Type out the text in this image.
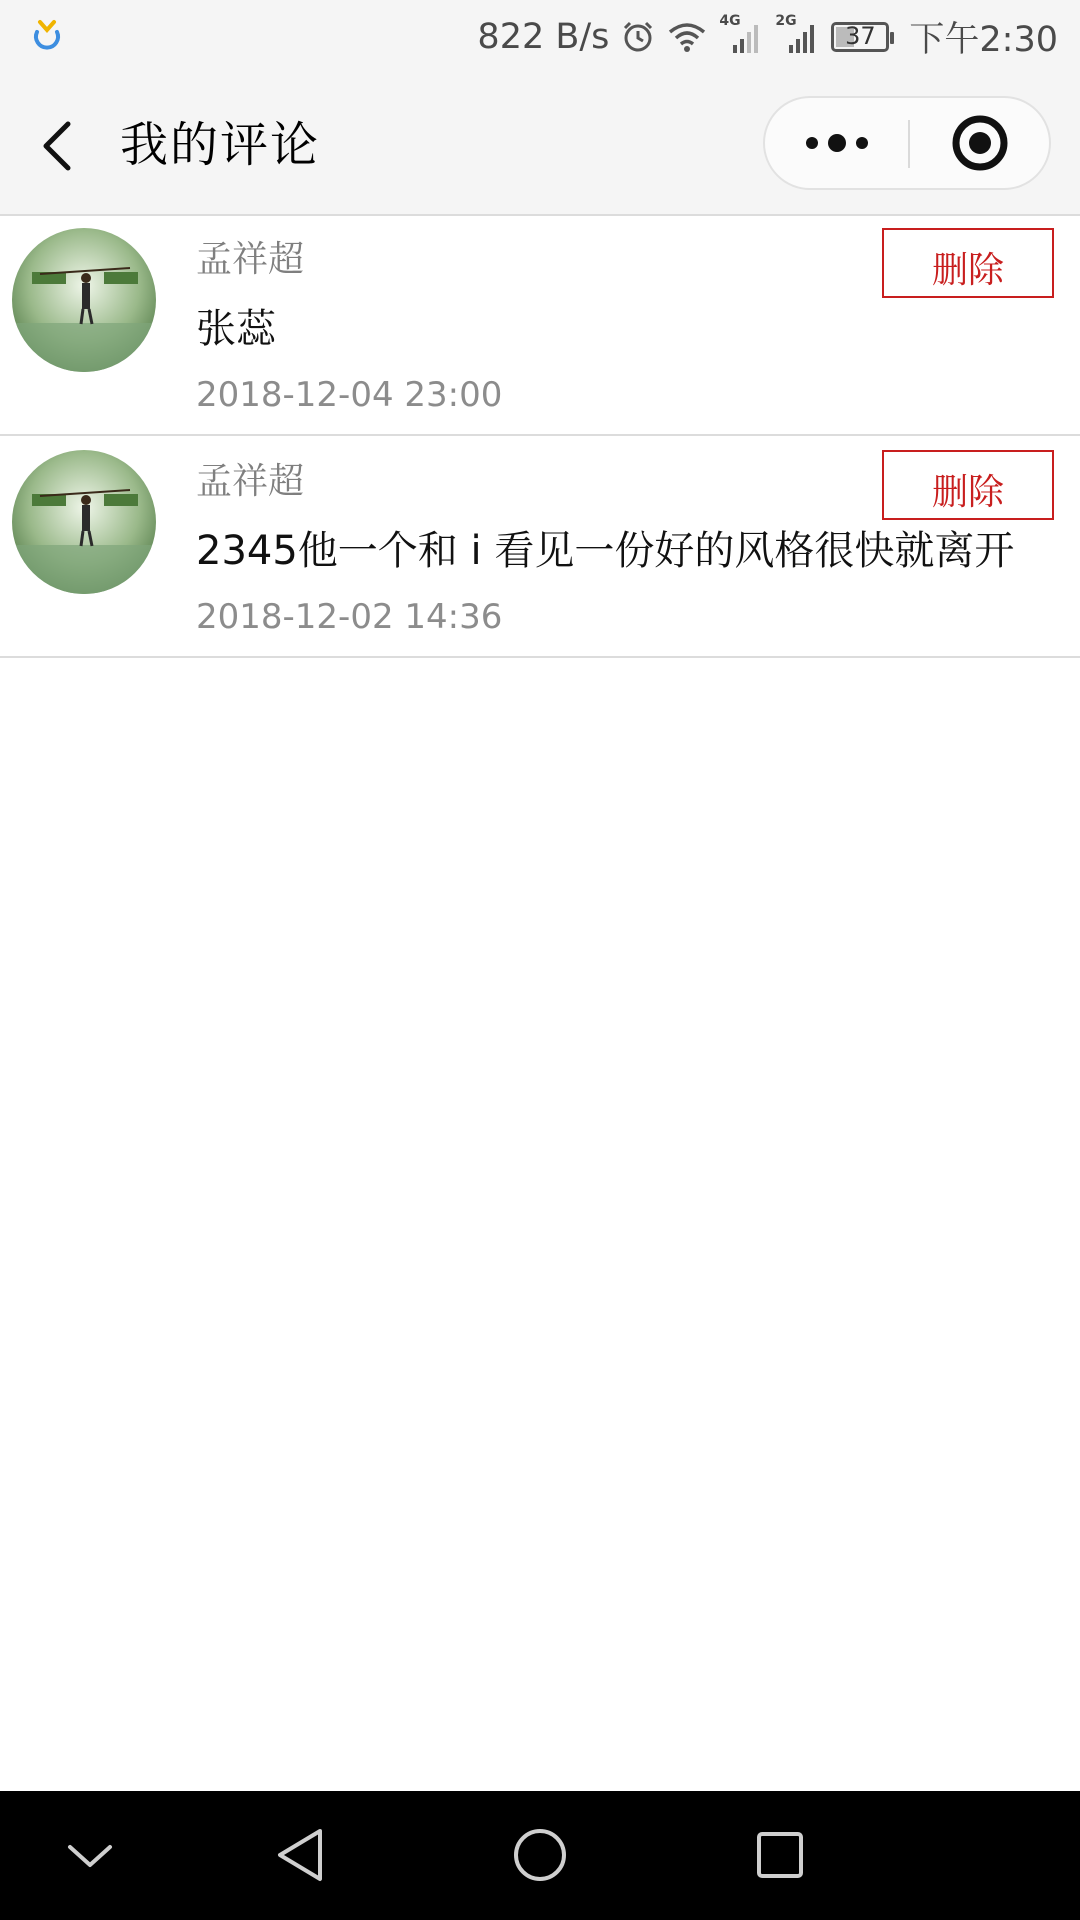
822 B/s	4G 2G
37 下午2:30
我的评论
孟祥超
张蕊
2018-12-04 23:00
删除
孟祥超
2345他一个和 i 看见一份好的风格很快就离开
2018-12-02 14:36
删除
